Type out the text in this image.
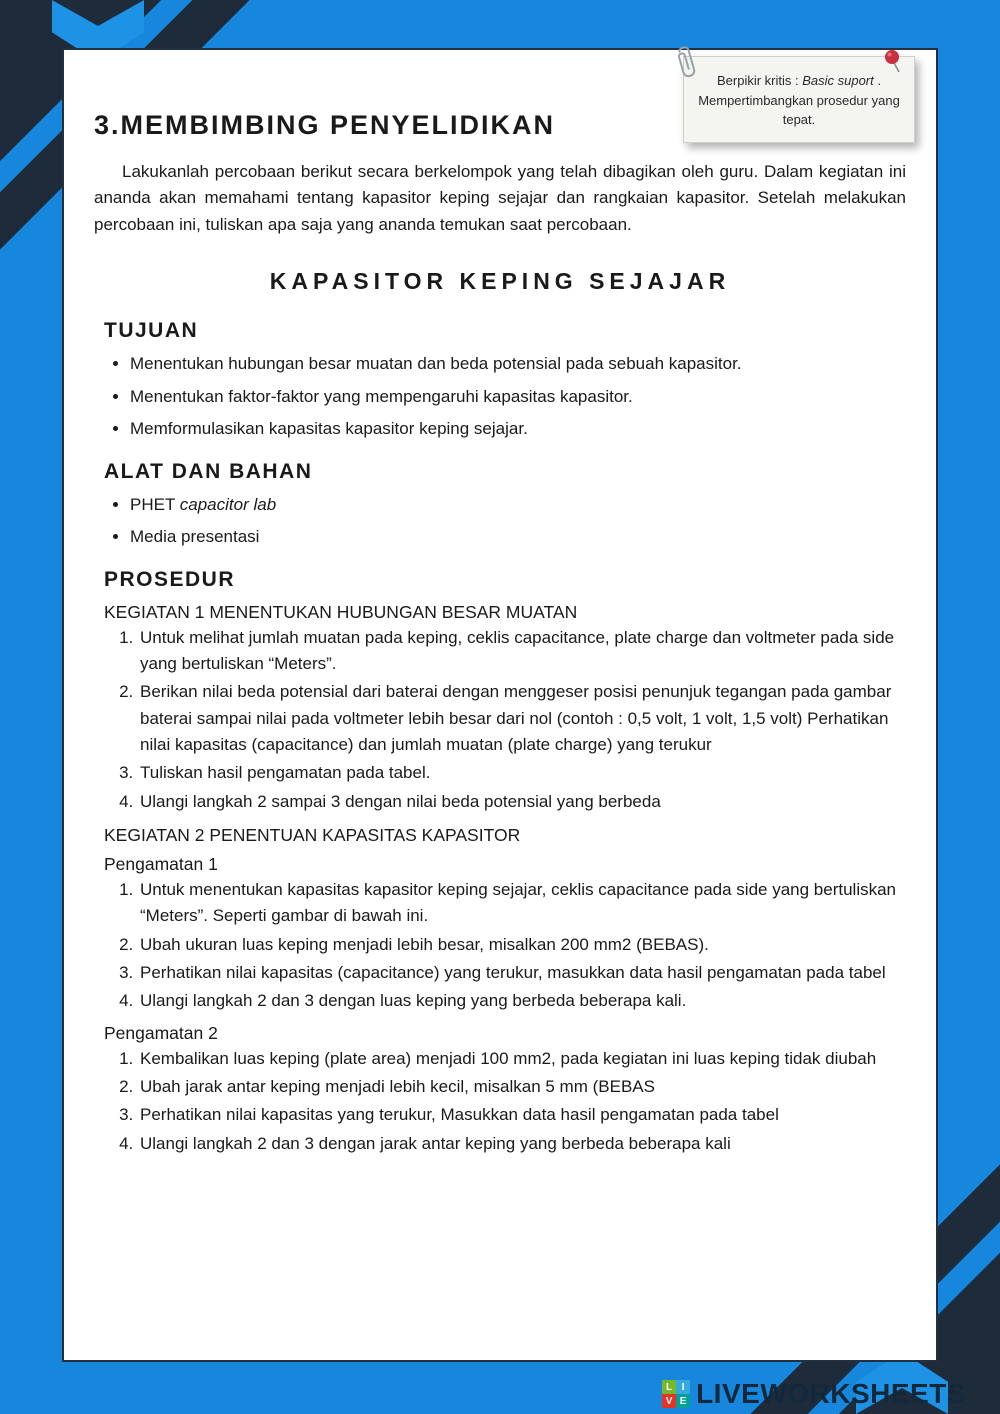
3.MEMBIMBING PENYELIDIKAN

Lakukanlah percobaan berikut secara berkelompok yang telah dibagikan oleh guru. Dalam kegiatan ini ananda akan memahami tentang kapasitor keping sejajar dan rangkaian kapasitor. Setelah melakukan percobaan ini, tuliskan apa saja yang ananda temukan saat percobaan.

KAPASITOR KEPING SEJAJAR
TUJUAN
• Menentukan hubungan besar muatan dan beda potensial pada sebuah kapasitor.
• Menentukan faktor-faktor yang mempengaruhi kapasitas kapasitor.
• Memformulasikan kapasitas kapasitor keping sejajar.
ALAT DAN BAHAN
• PHET capacitor lab
• Media presentasi
PROSEDUR
KEGIATAN 1 MENENTUKAN HUBUNGAN BESAR MUATAN
1. Untuk melihat jumlah muatan pada keping, ceklis capacitance, plate charge dan voltmeter pada side yang bertuliskan “Meters”.
2. Berikan nilai beda potensial dari baterai dengan menggeser posisi penunjuk tegangan pada gambar baterai sampai nilai pada voltmeter lebih besar dari nol (contoh : 0,5 volt, 1 volt, 1,5 volt) Perhatikan nilai kapasitas (capacitance) dan jumlah muatan (plate charge) yang terukur
3. Tuliskan hasil pengamatan pada tabel.
4. Ulangi langkah 2 sampai 3 dengan nilai beda potensial yang berbeda
KEGIATAN 2 PENENTUAN KAPASITAS KAPASITOR
Pengamatan 1
1. Untuk menentukan kapasitas kapasitor keping sejajar, ceklis capacitance pada side yang bertuliskan “Meters”. Seperti gambar di bawah ini.
2. Ubah ukuran luas keping menjadi lebih besar, misalkan 200 mm2 (BEBAS).
3. Perhatikan nilai kapasitas (capacitance) yang terukur, masukkan data hasil pengamatan pada tabel
4. Ulangi langkah 2 dan 3 dengan luas keping yang berbeda beberapa kali.
Pengamatan 2
1. Kembalikan luas keping (plate area) menjadi 100 mm2, pada kegiatan ini luas keping tidak diubah
2. Ubah jarak antar keping menjadi lebih kecil, misalkan 5 mm (BEBAS
3. Perhatikan nilai kapasitas yang terukur, Masukkan data hasil pengamatan pada tabel
4. Ulangi langkah 2 dan 3 dengan jarak antar keping yang berbeda beberapa kali
Berpikir kritis : Basic suport . Mempertimbangkan prosedur yang tepat.
L I
V E LIVEWORKSHEETS
